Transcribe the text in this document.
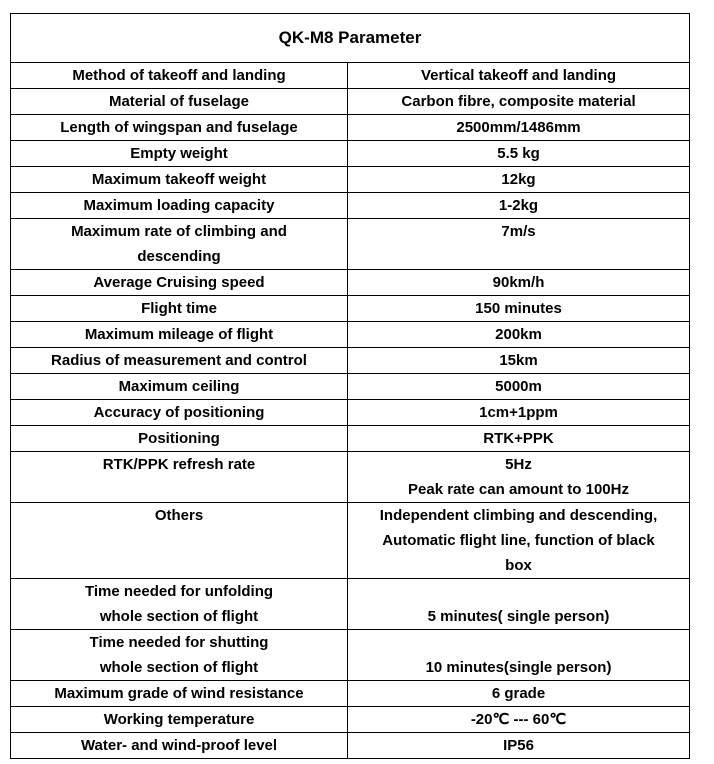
QK-M8 Parameter	

Method of takeoff and landing	Vertical takeoff and landing

Material of fuselage	Carbon fibre, composite material

Length of wingspan and fuselage	2500mm/1486mm

Empty weight	5.5 kg

Maximum takeoff weight	12kg

Maximum loading capacity	1-2kg

Maximum rate of climbing and
descending	7m/s

Average Cruising speed	90km/h

Flight time	150 minutes

Maximum mileage of flight	200km

Radius of measurement and control	15km

Maximum ceiling	5000m

Accuracy of positioning	1cm+1ppm

Positioning	RTK+PPK

RTK/PPK refresh rate	5Hz
Peak rate can amount to 100Hz

Others	Independent climbing and descending,
Automatic flight line, function of black
box

Time needed for unfolding
whole section of flight	5 minutes( single person)

Time needed for shutting
whole section of flight	10 minutes(single person)

Maximum grade of wind resistance	6 grade

Working temperature	-20℃ --- 60℃

Water- and wind-proof level	IP56
